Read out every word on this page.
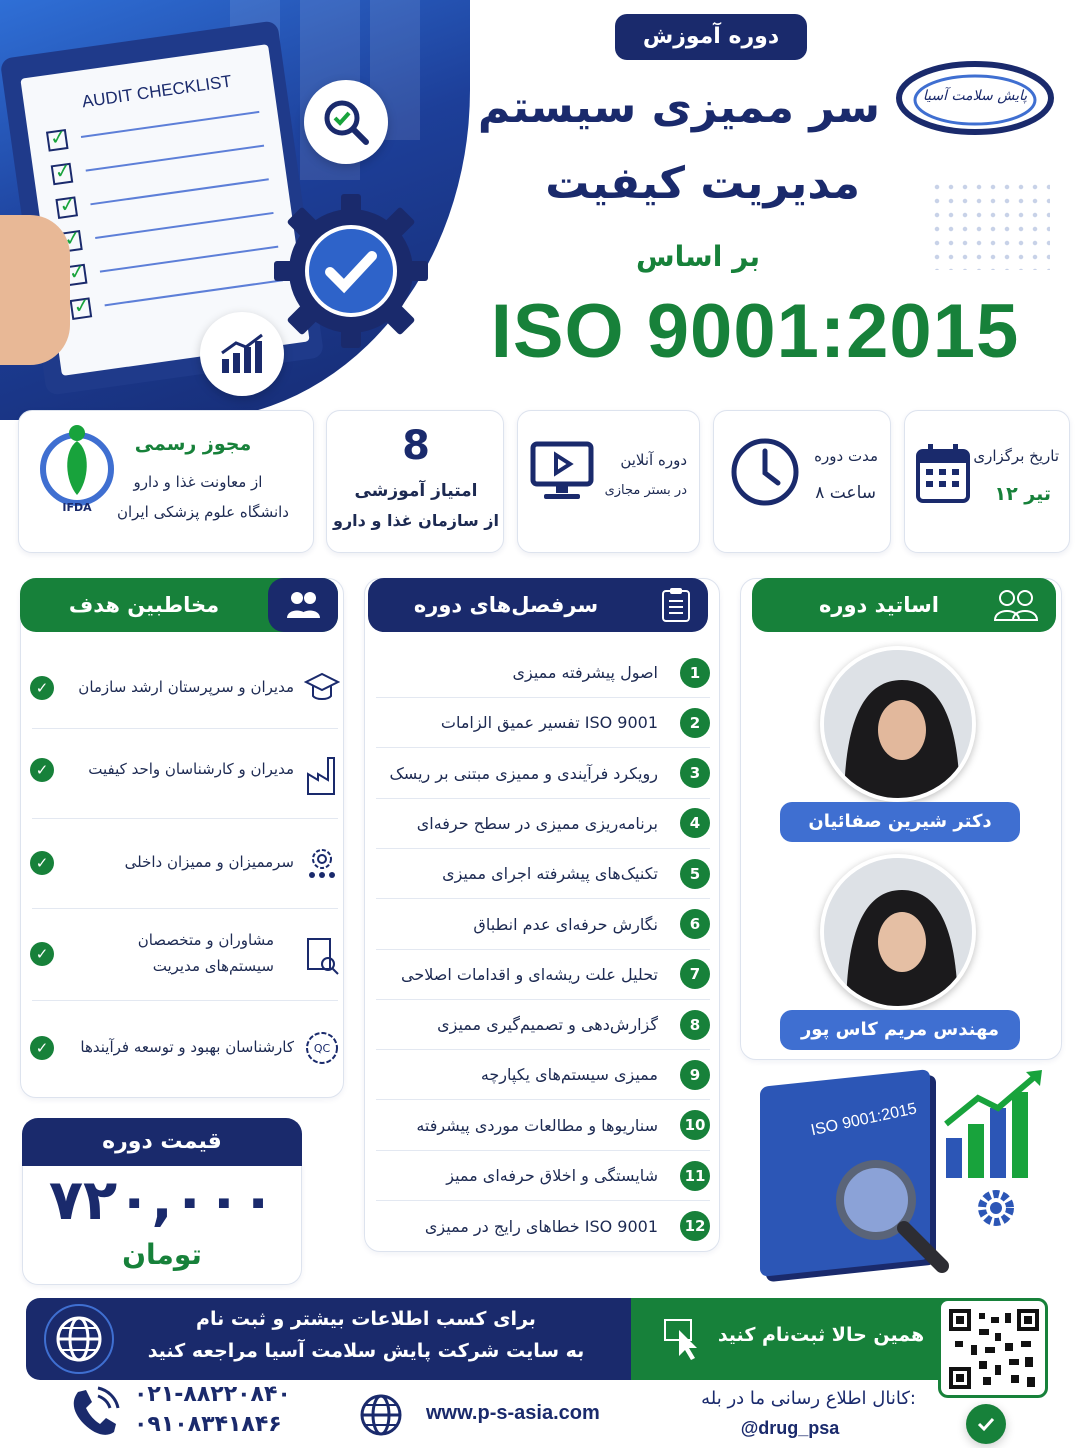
AUDIT CHECKLIST
✓
✓
✓
✓
✓
✓
دوره آموزش
پایش سلامت آسیا
سر ممیزی سیستم
مدیریت کیفیت
بر اساس
ISO 9001:2015
تاریخ برگزاری
۱۲ تیر
مدت دوره
۸ ساعت
دوره آنلاین
در بستر مجازی
8
امتیاز آموزشی
از سازمان غذا و دارو
IFDA
مجوز رسمی
از معاونت غذا و دارو
دانشگاه علوم پزشکی ایران
مخاطبین هدف
✓	مدیران و سرپرستان ارشد سازمان
✓	مدیران و کارشناسان واحد کیفیت
✓	سرممیزان و ممیزان داخلی
✓
مشاوران و متخصصان سیستم‌های مدیریت
✓	کارشناسان بهبود و توسعه فرآیندها	QC
سرفصل‌های دوره
اصول پیشرفته ممیزی	1
تفسیر عمیق الزامات ISO 9001	2
رویکرد فرآیندی و ممیزی مبتنی بر ریسک	3
برنامه‌ریزی ممیزی در سطح حرفه‌ای	4
تکنیک‌های پیشرفته اجرای ممیزی	5
نگارش حرفه‌ای عدم انطباق	6
تحلیل علت ریشه‌ای و اقدامات اصلاحی	7
گزارش‌دهی و تصمیم‌گیری ممیزی	8
ممیزی سیستم‌های یکپارچه	9
سناریوها و مطالعات موردی پیشرفته	10
شایستگی و اخلاق حرفه‌ای ممیز	11
خطاهای رایج در ممیزی ISO 9001	12
اساتید دوره
دکتر شیرین صفائیان
مهندس مریم کاس پور
ISO 9001:2015
قیمت دوره
۷۲۰,۰۰۰
تومان
برای کسب اطلاعات بیشتر و ثبت نام
به سایت شرکت پایش سلامت آسیا مراجعه کنید
همین حالا ثبت‌نام کنید
۰۲۱-۸۸۲۲۰۸۴۰
۰۹۱۰۸۳۴۱۸۴۶	www.p-s-asia.com
کانال اطلاع رسانی ما در بله:
@drug_psa
